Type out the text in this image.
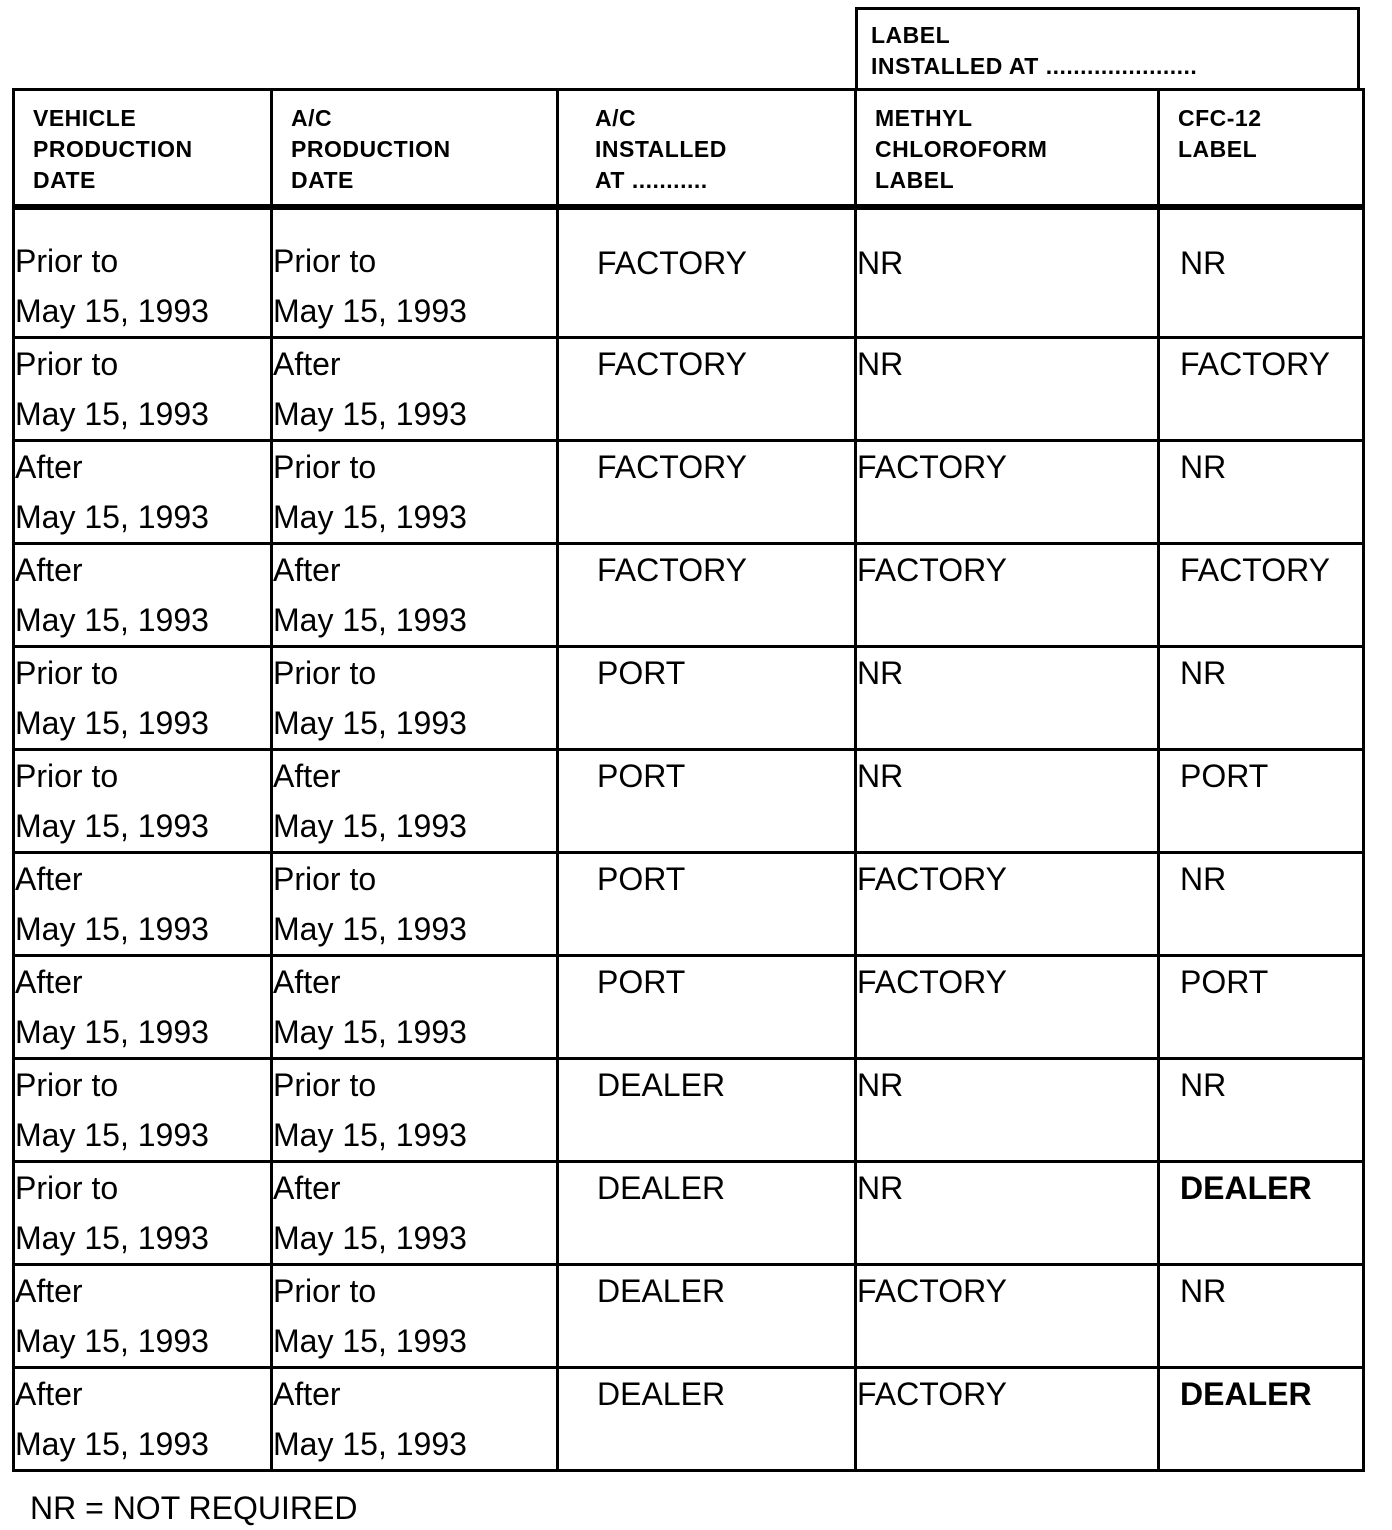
LABEL
INSTALLED AT ......................
VEHICLE
PRODUCTION
DATE	A/C
PRODUCTION
DATE	A/C
INSTALLED
AT ...........	METHYL
CHLOROFORM
LABEL	CFC-12
LABEL

Prior to
May 15, 1993	Prior to
May 15, 1993	FACTORY	NR	NR

Prior to
May 15, 1993	After
May 15, 1993	FACTORY	NR	FACTORY

After
May 15, 1993	Prior to
May 15, 1993	FACTORY	FACTORY	NR

After
May 15, 1993	After
May 15, 1993	FACTORY	FACTORY	FACTORY

Prior to
May 15, 1993	Prior to
May 15, 1993	PORT	NR	NR

Prior to
May 15, 1993	After
May 15, 1993	PORT	NR	PORT

After
May 15, 1993	Prior to
May 15, 1993	PORT	FACTORY	NR

After
May 15, 1993	After
May 15, 1993	PORT	FACTORY	PORT

Prior to
May 15, 1993	Prior to
May 15, 1993	DEALER	NR	NR

Prior to
May 15, 1993	After
May 15, 1993	DEALER	NR	DEALER

After
May 15, 1993	Prior to
May 15, 1993	DEALER	FACTORY	NR

After
May 15, 1993	After
May 15, 1993	DEALER	FACTORY	DEALER
NR = NOT REQUIRED
